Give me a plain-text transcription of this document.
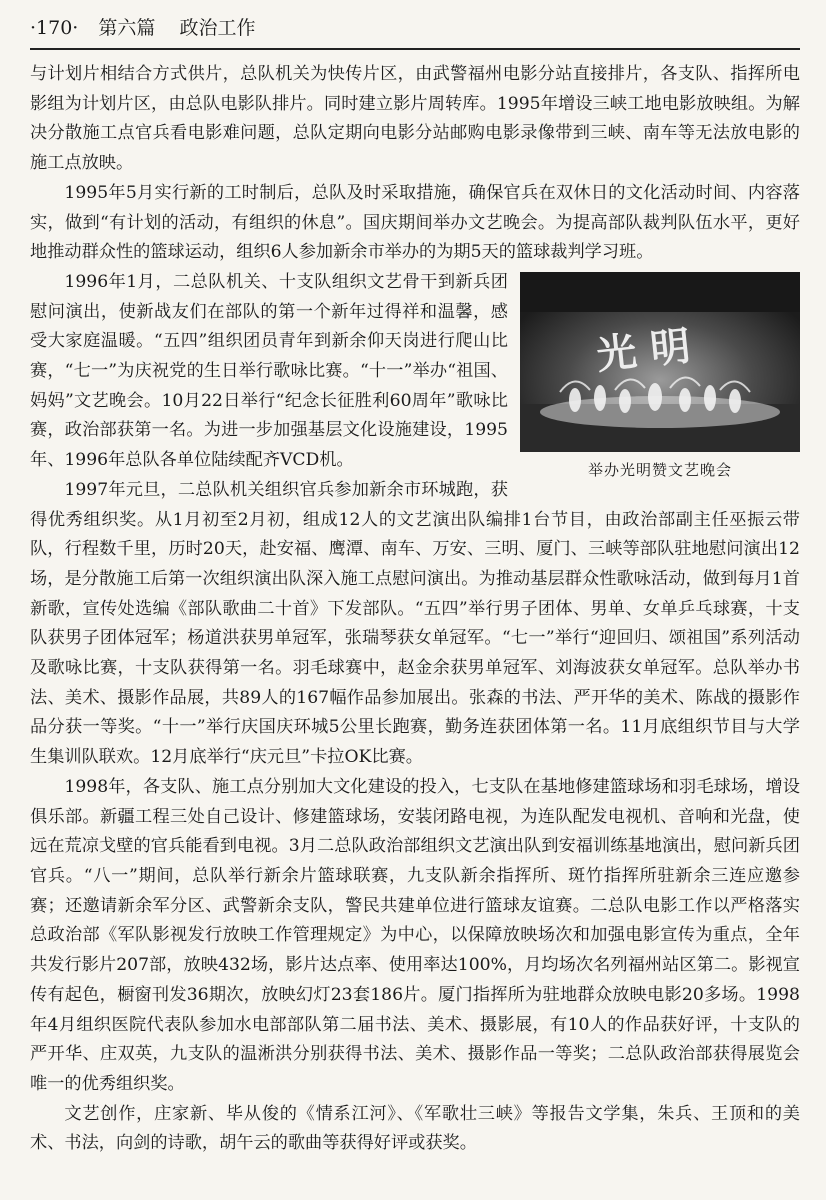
·170· 第六篇 政治工作

与计划片相结合方式供片，总队机关为快传片区，由武警福州电影分站直接排片，各支队、指挥所电影组为计划片区，由总队电影队排片。同时建立影片周转库。1995年增设三峡工地电影放映组。为解决分散施工点官兵看电影难问题，总队定期向电影分站邮购电影录像带到三峡、南车等无法放电影的施工点放映。

1995年5月实行新的工时制后，总队及时采取措施，确保官兵在双休日的文化活动时间、内容落实，做到“有计划的活动，有组织的休息”。国庆期间举办文艺晚会。为提高部队裁判队伍水平，更好地推动群众性的篮球运动，组织6人参加新余市举办的为期5天的篮球裁判学习班。

光 明
举办光明赞文艺晚会

1996年1月，二总队机关、十支队组织文艺骨干到新兵团慰问演出，使新战友们在部队的第一个新年过得祥和温馨，感受大家庭温暖。“五四”组织团员青年到新余仰天岗进行爬山比赛，“七一”为庆祝党的生日举行歌咏比赛。“十一”举办“祖国、妈妈”文艺晚会。10月22日举行“纪念长征胜利60周年”歌咏比赛，政治部获第一名。为进一步加强基层文化设施建设，1995年、1996年总队各单位陆续配齐VCD机。

1997年元旦，二总队机关组织官兵参加新余市环城跑，获得优秀组织奖。从1月初至2月初，组成12人的文艺演出队编排1台节目，由政治部副主任巫振云带队，行程数千里，历时20天，赴安福、鹰潭、南车、万安、三明、厦门、三峡等部队驻地慰问演出12场，是分散施工后第一次组织演出队深入施工点慰问演出。为推动基层群众性歌咏活动，做到每月1首新歌，宣传处选编《部队歌曲二十首》下发部队。“五四”举行男子团体、男单、女单乒乓球赛，十支队获男子团体冠军；杨道洪获男单冠军，张瑞琴获女单冠军。“七一”举行“迎回归、颂祖国”系列活动及歌咏比赛，十支队获得第一名。羽毛球赛中，赵金余获男单冠军、刘海波获女单冠军。总队举办书法、美术、摄影作品展，共89人的167幅作品参加展出。张森的书法、严开华的美术、陈战的摄影作品分获一等奖。“十一”举行庆国庆环城5公里长跑赛，勤务连获团体第一名。11月底组织节目与大学生集训队联欢。12月底举行“庆元旦”卡拉OK比赛。

1998年，各支队、施工点分别加大文化建设的投入，七支队在基地修建篮球场和羽毛球场，增设俱乐部。新疆工程三处自己设计、修建篮球场，安装闭路电视，为连队配发电视机、音响和光盘，使远在荒凉戈壁的官兵能看到电视。3月二总队政治部组织文艺演出队到安福训练基地演出，慰问新兵团官兵。“八一”期间，总队举行新余片篮球联赛，九支队新余指挥所、斑竹指挥所驻新余三连应邀参赛；还邀请新余军分区、武警新余支队，警民共建单位进行篮球友谊赛。二总队电影工作以严格落实总政治部《军队影视发行放映工作管理规定》为中心，以保障放映场次和加强电影宣传为重点，全年共发行影片207部，放映432场，影片达点率、使用率达100%，月均场次名列福州站区第二。影视宣传有起色，橱窗刊发36期次，放映幻灯23套186片。厦门指挥所为驻地群众放映电影20多场。1998年4月组织医院代表队参加水电部部队第二届书法、美术、摄影展，有10人的作品获好评，十支队的严开华、庄双英，九支队的温淅洪分别获得书法、美术、摄影作品一等奖；二总队政治部获得展览会唯一的优秀组织奖。

文艺创作，庄家新、毕从俊的《情系江河》、《军歌壮三峡》等报告文学集，朱兵、王顶和的美术、书法，向剑的诗歌，胡午云的歌曲等获得好评或获奖。
